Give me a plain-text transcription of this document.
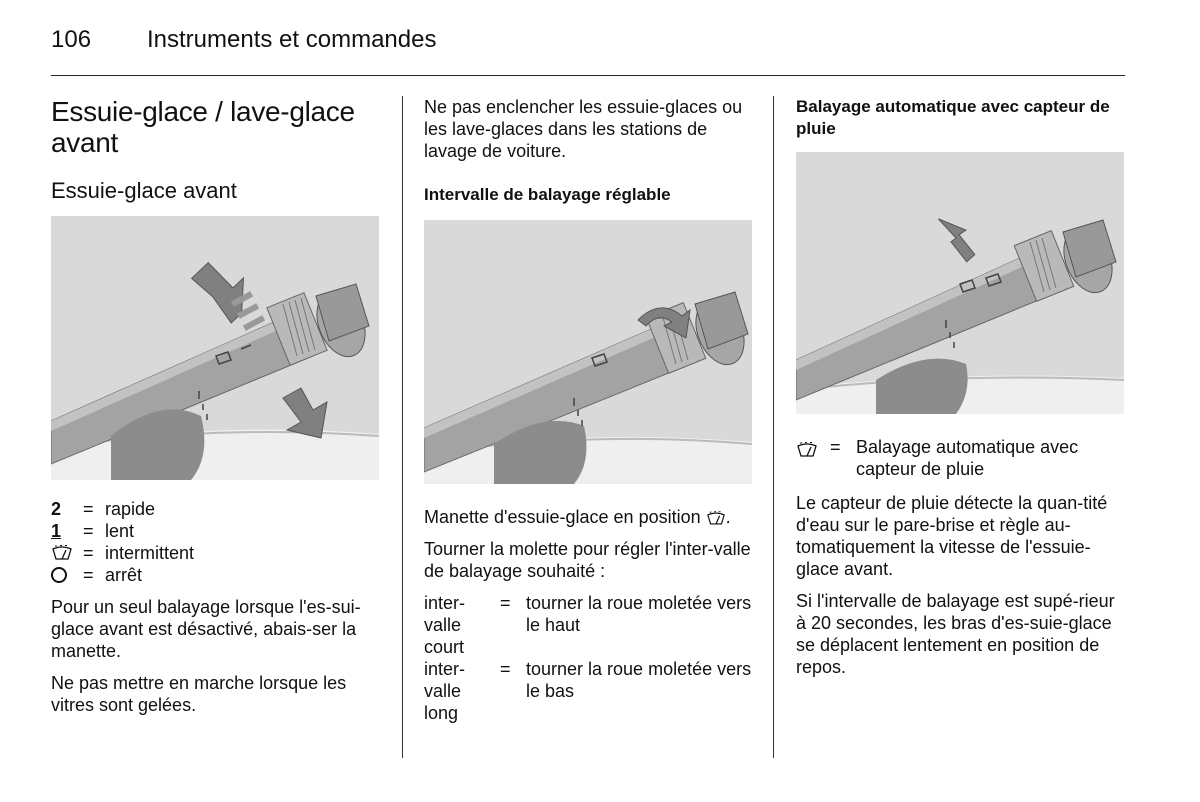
106 Instruments et commandes
Essuie-glace / lave-glace avant
Essuie-glace avant
2	= rapide
1	= lent
= intermittent
= arrêt

Pour un seul balayage lorsque l'es-sui-glace avant est désactivé, abais-ser la manette.

Ne pas mettre en marche lorsque les vitres sont gelées.

Ne pas enclencher les essuie-glaces ou les lave-glaces dans les stations de lavage de voiture.

Intervalle de balayage réglable

Manette d'essuie-glace en position .

Tourner la molette pour régler l'inter-valle de balayage souhaité :

inter-valle court
= tourner la roue moletée vers le haut
inter-valle long
= tourner la roue moletée vers le bas
Balayage automatique avec capteur de pluie
= Balayage automatique avec capteur de pluie

Le capteur de pluie détecte la quan-tité d'eau sur le pare-brise et règle au-tomatiquement la vitesse de l'essuie-glace avant.

Si l'intervalle de balayage est supé-rieur à 20 secondes, les bras d'es-suie-glace se déplacent lentement en position de repos.
